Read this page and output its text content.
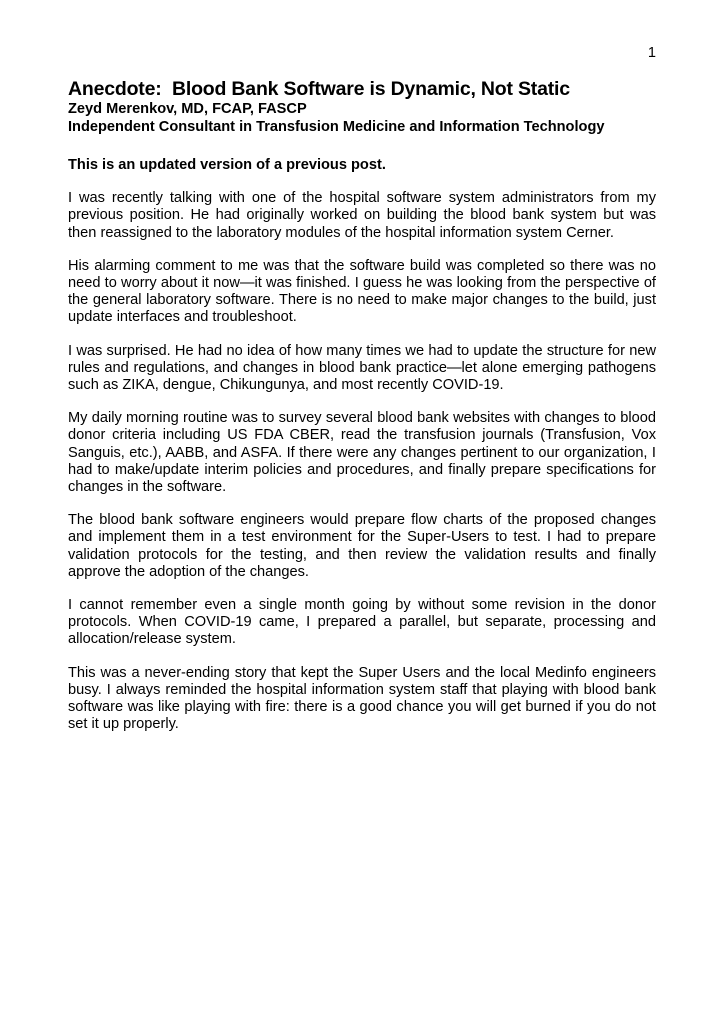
1
Anecdote:  Blood Bank Software is Dynamic, Not Static
Zeyd Merenkov, MD, FCAP, FASCP
Independent Consultant in Transfusion Medicine and Information Technology

This is an updated version of a previous post.

I was recently talking with one of the hospital software system administrators from my previous position. He had originally worked on building the blood bank system but was then reassigned to the laboratory modules of the hospital information system Cerner.

His alarming comment to me was that the software build was completed so there was no need to worry about it now—it was finished. I guess he was looking from the perspective of the general laboratory software. There is no need to make major changes to the build, just update interfaces and troubleshoot.

I was surprised. He had no idea of how many times we had to update the structure for new rules and regulations, and changes in blood bank practice—let alone emerging pathogens such as ZIKA, dengue, Chikungunya, and most recently COVID-19.

My daily morning routine was to survey several blood bank websites with changes to blood donor criteria including US FDA CBER, read the transfusion journals (Transfusion, Vox Sanguis, etc.), AABB, and ASFA. If there were any changes pertinent to our organization, I had to make/update interim policies and procedures, and finally prepare specifications for changes in the software.

The blood bank software engineers would prepare flow charts of the proposed changes and implement them in a test environment for the Super-Users to test. I had to prepare validation protocols for the testing, and then review the validation results and finally approve the adoption of the changes.

I cannot remember even a single month going by without some revision in the donor protocols. When COVID-19 came, I prepared a parallel, but separate, processing and allocation/release system.

This was a never-ending story that kept the Super Users and the local Medinfo engineers busy. I always reminded the hospital information system staff that playing with blood bank software was like playing with fire: there is a good chance you will get burned if you do not set it up properly.
